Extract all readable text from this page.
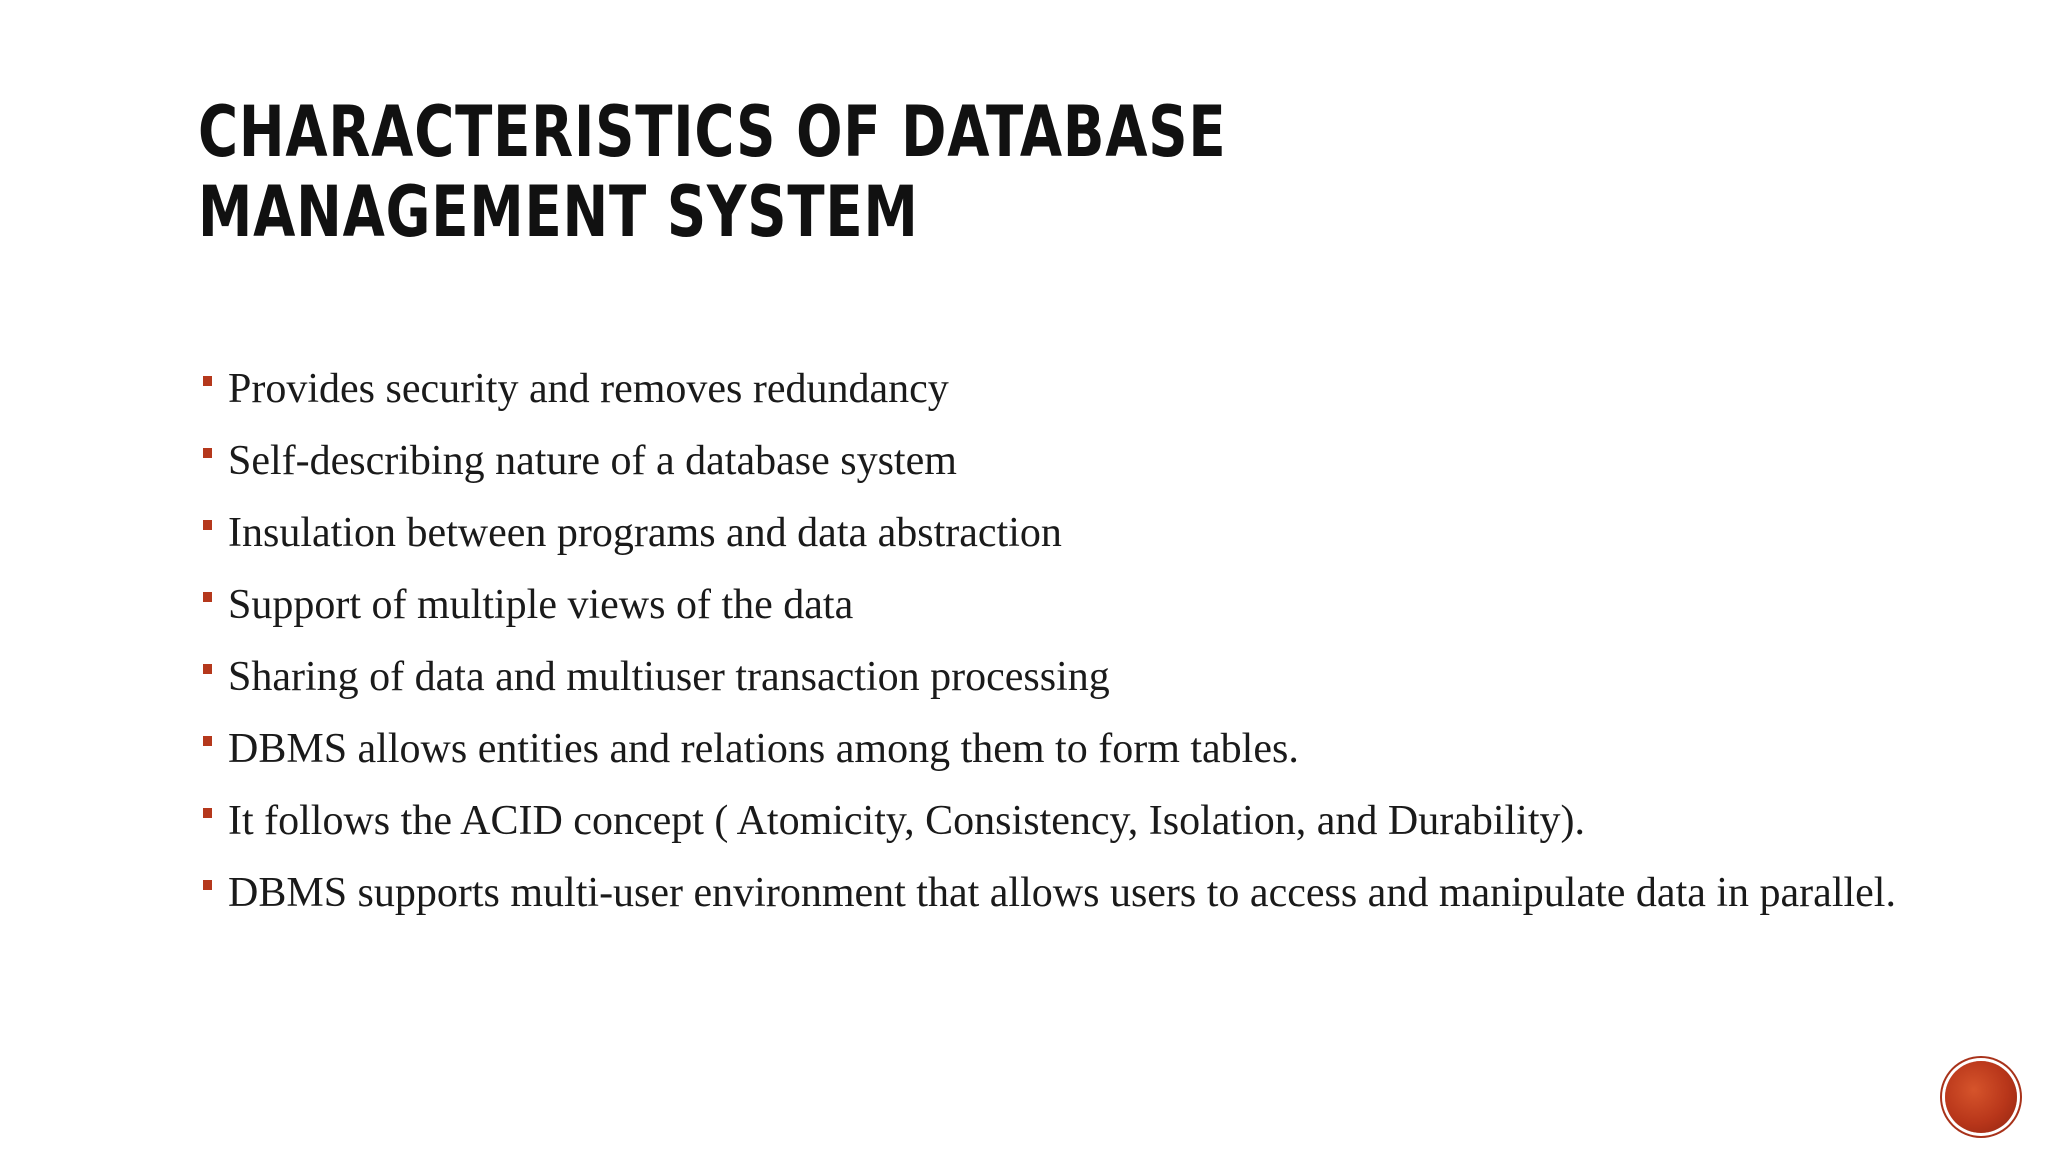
CHARACTERISTICS OF DATABASE MANAGEMENT SYSTEM
Provides security and removes redundancy
Self-describing nature of a database system
Insulation between programs and data abstraction
Support of multiple views of the data
Sharing of data and multiuser transaction processing
DBMS allows entities and relations among them to form tables.
It follows the ACID concept ( Atomicity, Consistency, Isolation, and Durability).
DBMS supports multi-user environment that allows users to access and manipulate data in parallel.
